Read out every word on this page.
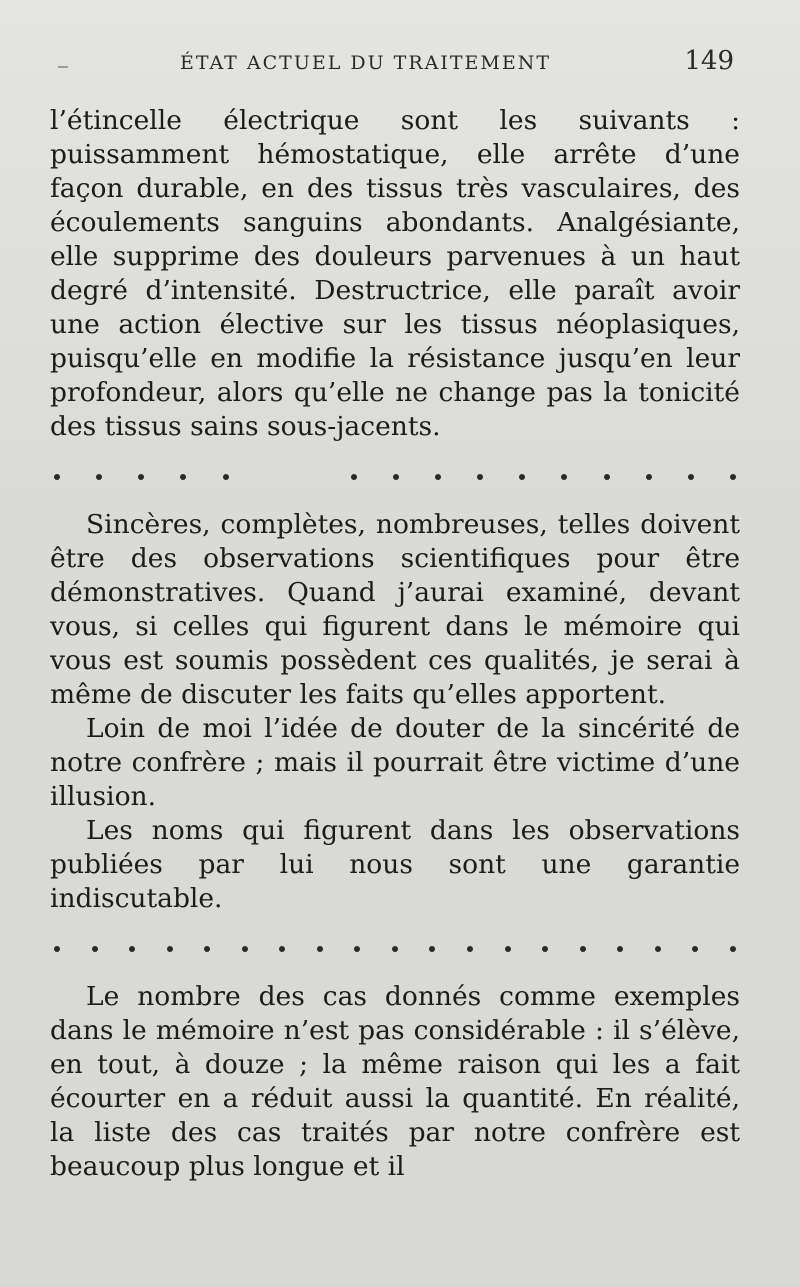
ÉTAT ACTUEL DU TRAITEMENT	149

l’étincelle électrique sont les suivants : puissamment hémostatique, elle arrête d’une façon durable, en des tissus très vasculaires, des écoulements sanguins abondants. Analgésiante, elle supprime des douleurs parvenues à un haut degré d’intensité. Destructrice, elle paraît avoir une action élective sur les tissus néoplasiques, puisqu’elle en modifie la résistance jusqu’en leur profondeur, alors qu’elle ne change pas la tonicité des tissus sains sous-jacents.

Sincères, complètes, nombreuses, telles doivent être des observations scientifiques pour être démonstratives. Quand j’aurai examiné, devant vous, si celles qui figurent dans le mémoire qui vous est soumis possèdent ces qualités, je serai à même de discuter les faits qu’elles apportent.

Loin de moi l’idée de douter de la sincérité de notre confrère ; mais il pourrait être victime d’une illusion.

Les noms qui figurent dans les observations publiées par lui nous sont une garantie indiscutable.

Le nombre des cas donnés comme exemples dans le mémoire n’est pas considérable : il s’élève, en tout, à douze ; la même raison qui les a fait écourter en a réduit aussi la quantité. En réalité, la liste des cas traités par notre confrère est beaucoup plus longue et il
